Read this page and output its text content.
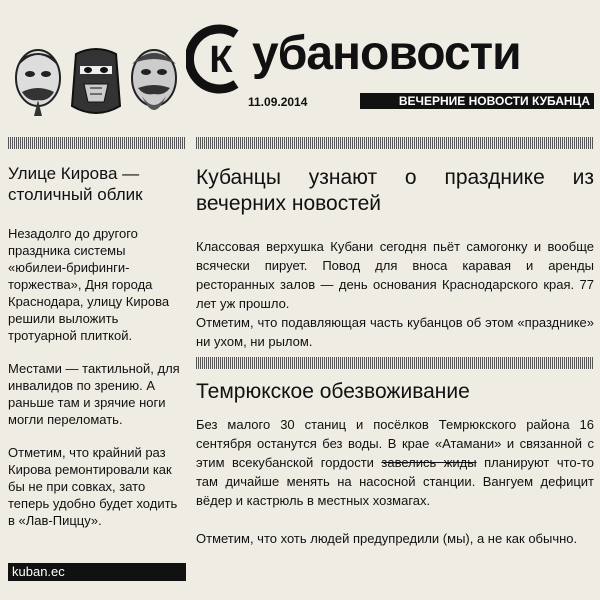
К убановости
11.09.2014	ВЕЧЕРНИЕ НОВОСТИ КУБАНЦА
Улице Кирова — столичный облик

Незадолго до другого праздника системы «юбилеи-брифинги-торжества», Дня города Краснодара, улицу Кирова решили выложить тротуарной плиткой.

Местами — тактильной, для инвалидов по зрению. А раньше там и зрячие ноги могли переломать.

Отметим, что крайний раз Кирова ремонтировали как бы не при совках, зато теперь удобно будет ходить в «Лав-Пиццу».

kuban.ec
Кубанцы узнают о празднике из вечерних новостей

Классовая верхушка Кубани сегодня пьёт самогонку и вообще всячески пирует. Повод для вноса каравая и аренды ресторанных залов — день основания Краснодарского края. 77 лет уж прошло.

Отметим, что подавляющая часть кубанцов об этом «празднике» ни ухом, ни рылом.

Темрюкское обезвоживание

Без малого 30 станиц и посёлков Темрюкского района 16 сентября останутся без воды. В крае «Атамани» и связанной с этим всекубанской гордости завелись жиды планируют что-то там дичайше менять на насосной станции. Вангуем дефицит вёдер и кастрюль в местных хозмагах.

Отметим, что хоть людей предупредили (мы), а не как обычно.
